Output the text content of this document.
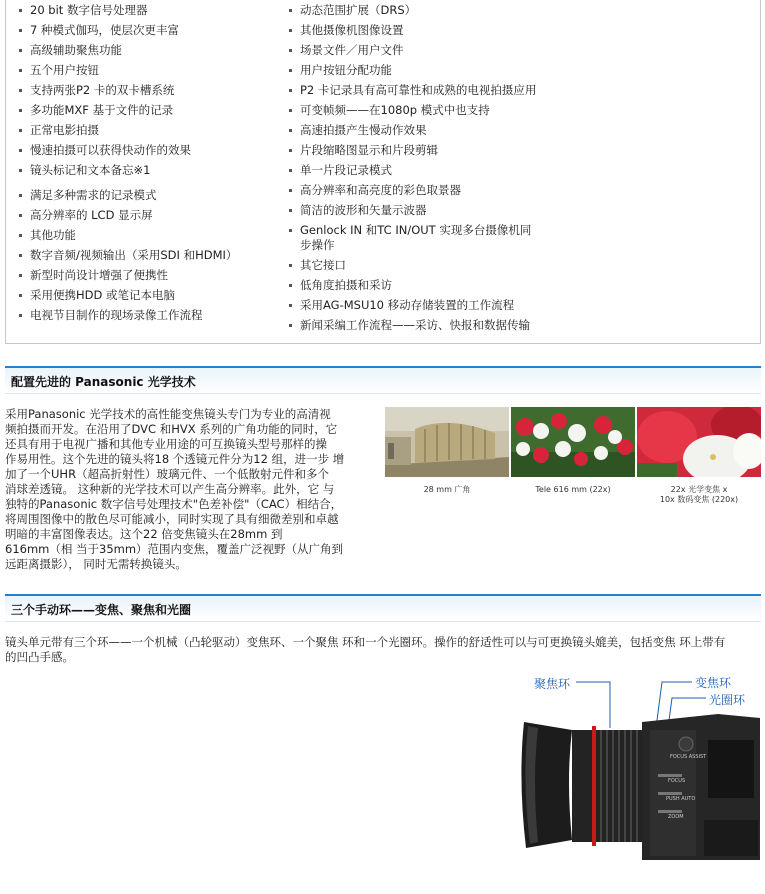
20 bit 数字信号处理器
7 种模式伽玛，使层次更丰富
高级辅助聚焦功能
五个用户按钮
支持两张P2 卡的双卡槽系统
多功能MXF 基于文件的记录
正常电影拍摄
慢速拍摄可以获得快动作的效果
镜头标记和文本备忘※1
满足多种需求的记录模式
高分辨率的 LCD 显示屏
其他功能
数字音频/视频输出（采用SDI 和HDMI）
新型时尚设计增强了便携性
采用便携HDD 或笔记本电脑
电视节目制作的现场录像工作流程
动态范围扩展（DRS）
其他摄像机图像设置
场景文件／用户文件
用户按钮分配功能
P2 卡记录具有高可靠性和成熟的电视拍摄应用
可变帧频——在1080p 模式中也支持
高速拍摄产生慢动作效果
片段缩略图显示和片段剪辑
单一片段记录模式
高分辨率和高亮度的彩色取景器
简洁的波形和矢量示波器
Genlock IN 和TC IN/OUT 实现多台摄像机同步操作
其它接口
低角度拍摄和采访
采用AG-MSU10 移动存储装置的工作流程
新闻采编工作流程——采访、快报和数据传输
配置先进的 Panasonic 光学技术
采用Panasonic 光学技术的高性能变焦镜头专门为专业的高清视
频拍摄而开发。在沿用了DVC 和HVX 系列的广角功能的同时，它
还具有用于电视广播和其他专业用途的可互换镜头型号那样的操
作易用性。这个先进的镜头将18 个透镜元件分为12 组，进一步 增
加了一个UHR（超高折射性）玻璃元件、一个低散射元件和多个
消球差透镜。 这种新的光学技术可以产生高分辨率。此外，它 与
独特的Panasonic 数字信号处理技术"色差补偿"（CAC）相结合，
将周围图像中的散色尽可能减小，同时实现了具有细微差别和卓越
明暗的丰富图像表达。这个22 倍变焦镜头在28mm 到
616mm（相 当于35mm）范围内变焦，覆盖广泛视野（从广角到
远距离摄影）， 同时无需转换镜头。
28 mm 广角	Tele 616 mm (22x)	22x 光学变焦 x
10x 数码变焦 (220x)
三个手动环——变焦、聚焦和光圈
镜头单元带有三个环——一个机械（凸轮驱动）变焦环、一个聚焦 环和一个光圈环。操作的舒适性可以与可更换镜头媲美，包括变焦 环上带有
的凹凸手感。
聚焦环	变焦环
光圈环
FOCUS ASSIST
FOCUS
PUSH AUTO
ZOOM
